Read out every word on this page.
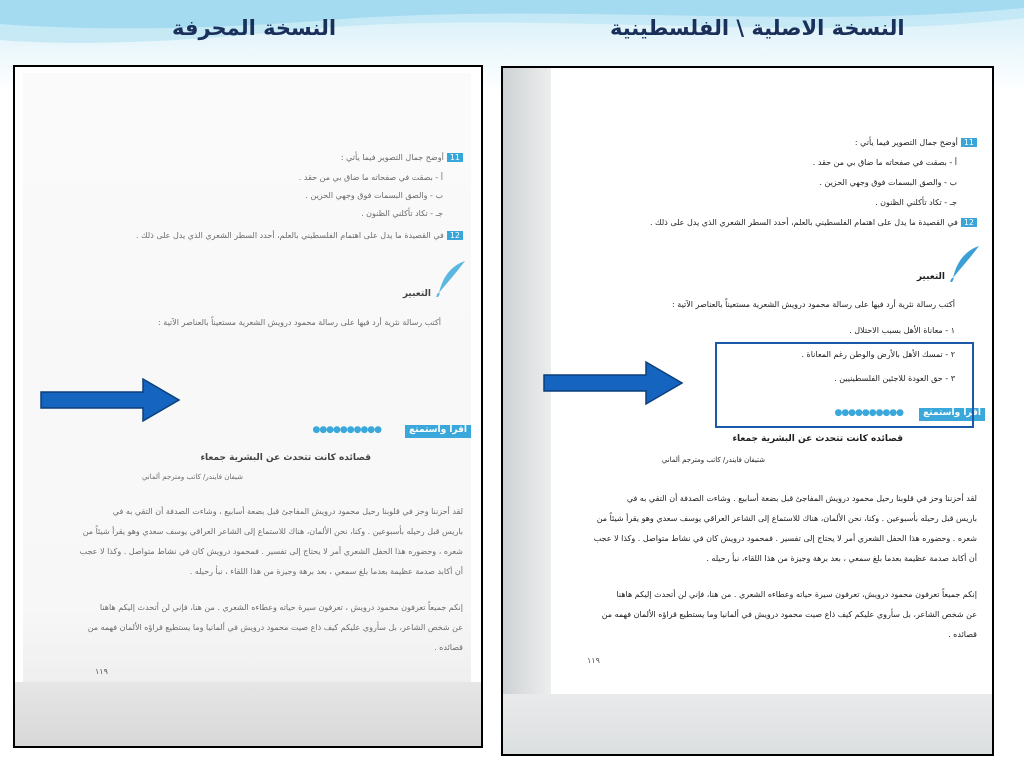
النسخة المحرفة	النسخة الاصلية \ الفلسطينية
11أوضح جمال التصوير فيما يأتي :
أ - بصقت في صفحاته ما ضاق بي من حقد .
ب - والصق البسمات فوق وجهي الحزين .
جـ - تكاد تأكلني الظنون .
12في القصيدة ما يدل على اهتمام الفلسطيني بالعلم، أحدد السطر الشعري الذي يدل على ذلك .
التعبير
أكتب رسالة نثرية أرد فيها على رسالة محمود درويش الشعرية مستعيناً بالعناصر الآتية :
●●●●●●●●●●	أقرأ واستمتع
قصائده كانت تتحدث عن البشرية جمعاء
شيفان فايندر/ كاتب ومترجم ألماني
لقد أحزننا وحز في قلوبنا رحيل محمود درويش المفاجئ قبل بضعة أسابيع ، وشاءت الصدفة أن التقي به في
باريس قبل رحيله بأسبوعين . وكنا، نحن الألمان، هناك للاستماع إلى الشاعر العراقي يوسف سعدي وهو يقرأ شيئاً من
شعره ، وحضوره هذا الحفل الشعري أمر لا يحتاج إلى تفسير . فمحمود درويش كان في نشاط متواصل . وكذا لا عجب
أن أكابد صدمة عظيمة بعدما بلغ سمعي ، بعد برهة وجيزة من هذا اللقاء ، نبأ رحيله .
إنكم جميعاً تعرفون محمود درويش ، تعرفون سيرة حياته وعطاءه الشعري . من هنا، فإني لن أتحدث إليكم هاهنا
عن شخص الشاعر، بل سأروي عليكم كيف ذاع صيت محمود درويش في ألمانيا وما يستطيع قراؤه الألمان فهمه من
قصائده .
١١٩
11أوضح جمال التصوير فيما يأتي :
أ - بصقت في صفحاته ما ضاق بي من حقد .
ب - والصق البسمات فوق وجهي الحزين .
جـ - تكاد تأكلني الظنون .
12في القصيدة ما يدل على اهتمام الفلسطيني بالعلم، أحدد السطر الشعري الذي يدل على ذلك .
التعبير
أكتب رسالة نثرية أرد فيها على رسالة محمود درويش الشعرية مستعيناً بالعناصر الآتية :
١ - معاناة الأهل بسبب الاحتلال .
٢ - تمسك الأهل بالأرض والوطن رغم المعاناة .
٣ - حق العودة للاجئين الفلسطينيين .
●●●●●●●●●●	أقرأ واستمتع
قصائده كانت تتحدث عن البشرية جمعاء
شتيفان فايندر/ كاتب ومترجم ألماني
لقد أحزننا وحز في قلوبنا رحيل محمود درويش المفاجئ قبل بضعة أسابيع . وشاءت الصدفة أن التقي به في
باريس قبل رحيله بأسبوعين . وكنا، نحن الألمان، هناك للاستماع إلى الشاعر العراقي يوسف سعدي وهو يقرأ شيئاً من
شعره . وحضوره هذا الحفل الشعري أمر لا يحتاج إلى تفسير . فمحمود درويش كان في نشاط متواصل . وكذا لا عجب
أن أكابد صدمة عظيمة بعدما بلغ سمعي ، بعد برهة وجيزة من هذا اللقاء، نبأ رحيله .
إنكم جميعاً تعرفون محمود درويش، تعرفون سيرة حياته وعطاءه الشعري . من هنا، فإني لن أتحدث إليكم هاهنا
عن شخص الشاعر، بل سأروي عليكم كيف ذاع صيت محمود درويش في ألمانيا وما يستطيع قراؤه الألمان فهمه من
قصائده .
١١٩
